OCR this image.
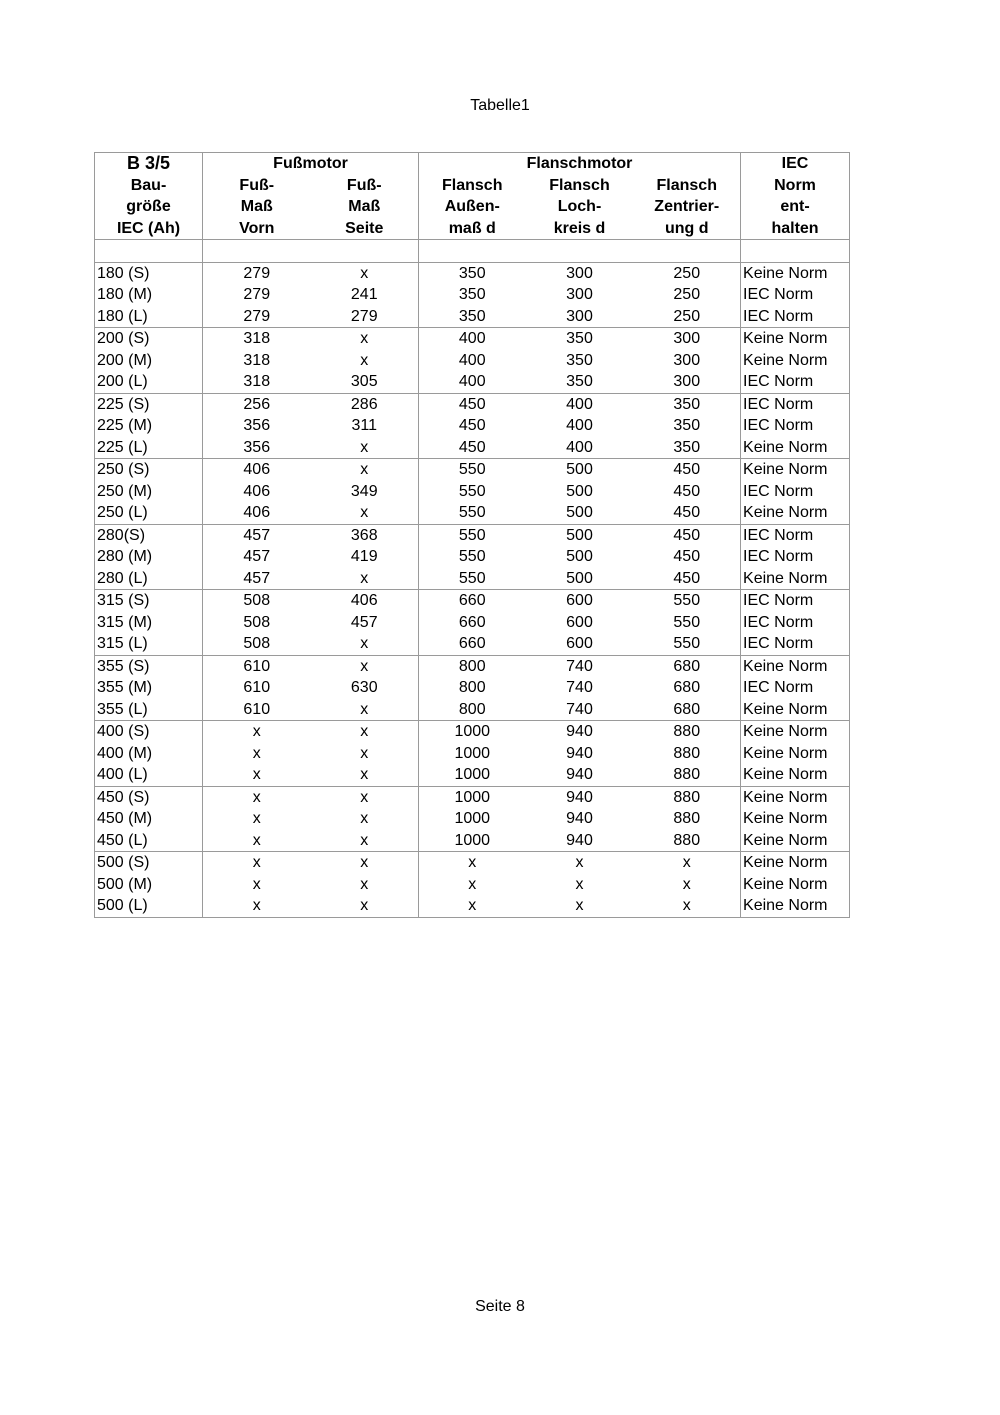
Tabelle1
B 3/5	Fußmotor		Flanschmotor			IEC
Bau-	Fuß-	Fuß-	Flansch	Flansch	Flansch	Norm
größe	Maß	Maß	Außen-	Loch-	Zentrier-	ent-
IEC (Ah)	Vorn	Seite	maß d	kreis d	ung d	halten

180 (S)	279	x	350	300	250	Keine Norm
180 (M)	279	241	350	300	250	IEC Norm
180 (L)	279	279	350	300	250	IEC Norm
200 (S)	318	x	400	350	300	Keine Norm
200 (M)	318	x	400	350	300	Keine Norm
200 (L)	318	305	400	350	300	IEC Norm
225 (S)	256	286	450	400	350	IEC Norm
225 (M)	356	311	450	400	350	IEC Norm
225 (L)	356	x	450	400	350	Keine Norm
250 (S)	406	x	550	500	450	Keine Norm
250 (M)	406	349	550	500	450	IEC Norm
250 (L)	406	x	550	500	450	Keine Norm
280(S)	457	368	550	500	450	IEC Norm
280 (M)	457	419	550	500	450	IEC Norm
280 (L)	457	x	550	500	450	Keine Norm
315 (S)	508	406	660	600	550	IEC Norm
315 (M)	508	457	660	600	550	IEC Norm
315 (L)	508	x	660	600	550	IEC Norm
355 (S)	610	x	800	740	680	Keine Norm
355 (M)	610	630	800	740	680	IEC Norm
355 (L)	610	x	800	740	680	Keine Norm
400 (S)	x	x	1000	940	880	Keine Norm
400 (M)	x	x	1000	940	880	Keine Norm
400 (L)	x	x	1000	940	880	Keine Norm
450 (S)	x	x	1000	940	880	Keine Norm
450 (M)	x	x	1000	940	880	Keine Norm
450 (L)	x	x	1000	940	880	Keine Norm
500 (S)	x	x	x	x	x	Keine Norm
500 (M)	x	x	x	x	x	Keine Norm
500 (L)	x	x	x	x	x	Keine Norm
Seite 8
